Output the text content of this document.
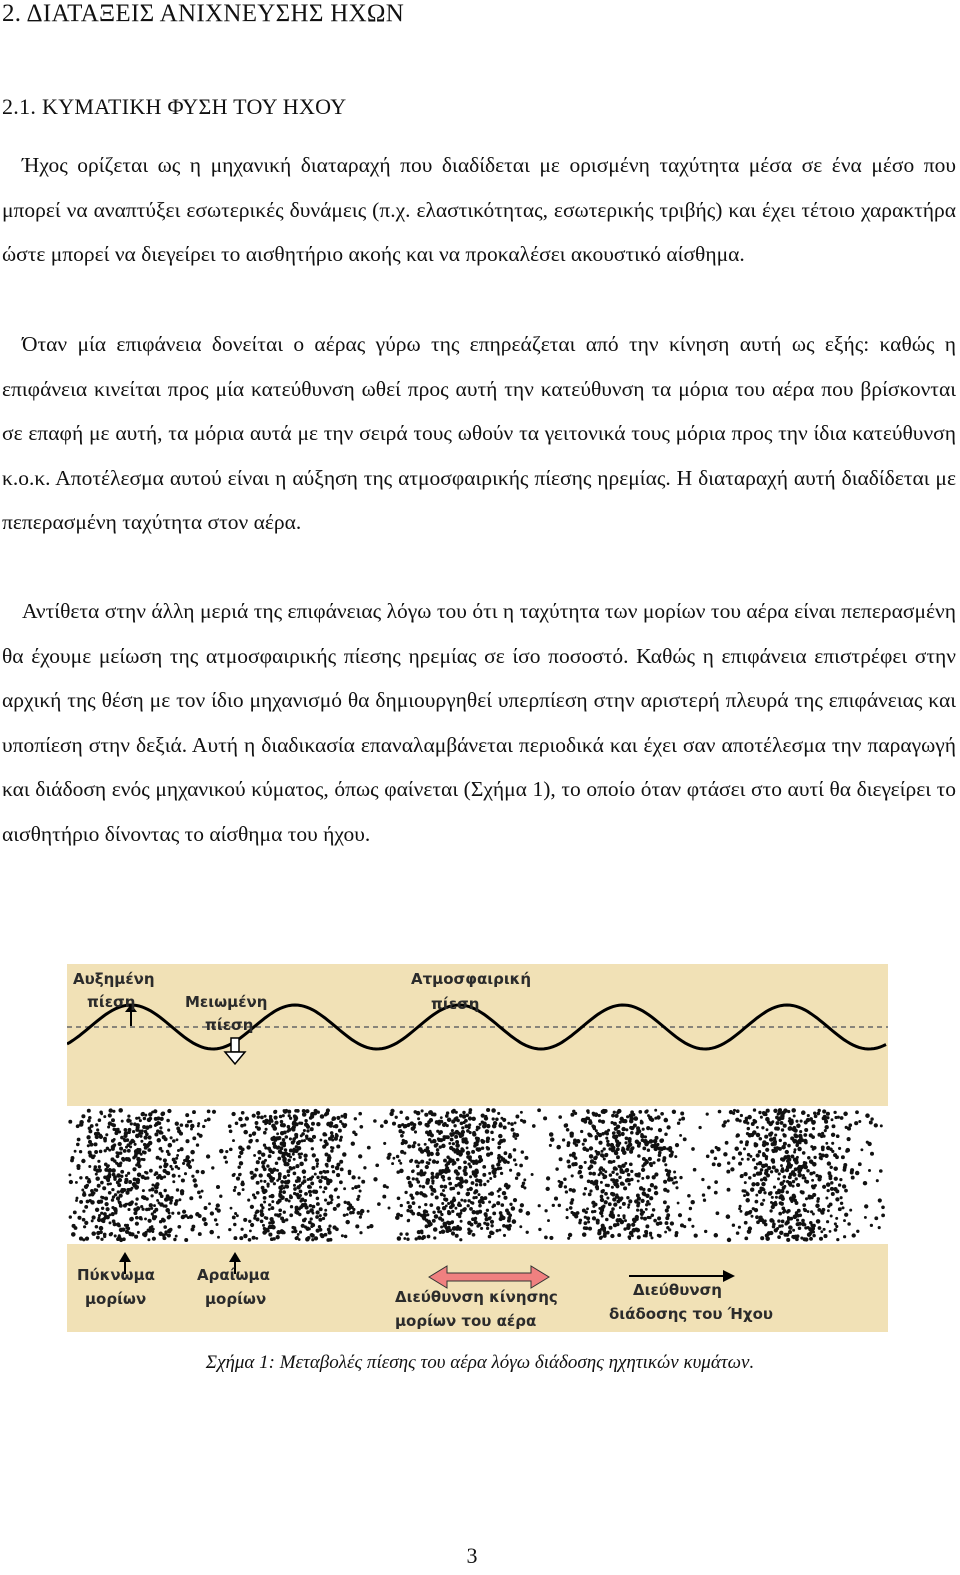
2. ΔΙΑΤΑΞΕΙΣ ΑΝΙΧΝΕΥΣΗΣ ΗΧΩΝ
2.1. ΚΥΜΑΤΙΚΗ ΦΥΣΗ ΤΟΥ ΗΧΟΥ
Ήχος ορίζεται ως η μηχανική διαταραχή που διαδίδεται με ορισμένη ταχύτητα μέσα σε ένα μέσο που μπορεί να αναπτύξει εσωτερικές δυνάμεις (π.χ. ελαστικότητας, εσωτερικής τριβής) και έχει τέτοιο χαρακτήρα ώστε μπορεί να διεγείρει το αισθητήριο ακοής και να προκαλέσει ακουστικό αίσθημα.
Όταν μία επιφάνεια δονείται ο αέρας γύρω της επηρεάζεται από την κίνηση αυτή ως εξής: καθώς η επιφάνεια κινείται προς μία κατεύθυνση ωθεί προς αυτή την κατεύθυνση τα μόρια του αέρα που βρίσκονται σε επαφή με αυτή, τα μόρια αυτά με την σειρά τους ωθούν τα γειτονικά τους μόρια προς την ίδια κατεύθυνση κ.ο.κ. Αποτέλεσμα αυτού είναι η αύξηση της ατμοσφαιρικής πίεσης ηρεμίας. Η διαταραχή αυτή διαδίδεται με πεπερασμένη ταχύτητα στον αέρα.
Αντίθετα στην άλλη μεριά της επιφάνειας λόγω του ότι η ταχύτητα των μορίων του αέρα είναι πεπερασμένη θα έχουμε μείωση της ατμοσφαιρικής πίεσης ηρεμίας σε ίσο ποσοστό. Καθώς η επιφάνεια επιστρέφει στην αρχική της θέση με τον ίδιο μηχανισμό θα δημιουργηθεί υπερπίεση στην αριστερή πλευρά της επιφάνειας και υποπίεση στην δεξιά. Αυτή η διαδικασία επαναλαμβάνεται περιοδικά και έχει σαν αποτέλεσμα την παραγωγή και διάδοση ενός μηχανικού κύματος, όπως φαίνεται (Σχήμα 1), το οποίο όταν φτάσει στο αυτί θα διεγείρει το αισθητήριο δίνοντας το αίσθημα του ήχου.
Αυξημένη
πίεση	Μειωμένη
πίεση
Ατμοσφαιρική
πίεση
Πύκνωμα
μορίων
Αραίωμα
μορίων	Διεύθυνση κίνησης
μορίων του αέρα
Διεύθυνση
διάδοσης του Ήχου
Σχήμα 1: Μεταβολές πίεσης του αέρα λόγω διάδοσης ηχητικών κυμάτων.
3
